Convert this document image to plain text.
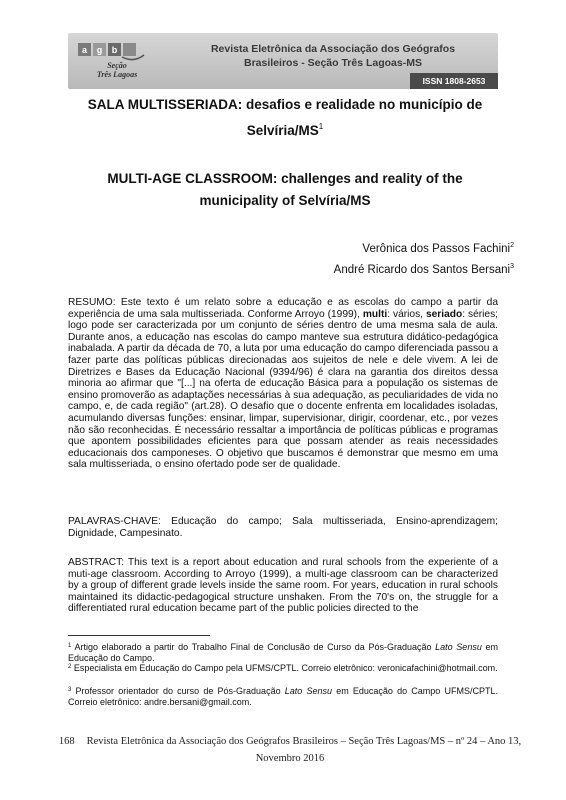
a g b
Seção
Três Lagoas
Revista Eletrônica da Associação dos Geógrafos
Brasileiros - Seção Três Lagoas-MS
ISSN 1808-2653
SALA MULTISSERIADA: desafios e realidade no município de
Selvíria/$MS^1$
MULTI-AGE CLASSROOM: challenges and reality of the
municipality of Selvíria/MS
Verônica dos Passos Fachini$^2$
André Ricardo dos Santos Bersani$^3$
RESUMO: Este texto é um relato sobre a educação e as escolas do campo a partir da experiência de uma sala multisseriada. Conforme Arroyo (1999), multi: vários, seriado: séries; logo pode ser caracterizada por um conjunto de séries dentro de uma mesma sala de aula. Durante anos, a educação nas escolas do campo manteve sua estrutura didático-pedagógica inabalada. A partir da década de 70, a luta por uma educação do campo diferenciada passou a fazer parte das políticas públicas direcionadas aos sujeitos de nele e dele vivem. A lei de Diretrizes e Bases da Educação Nacional (9394/96) é clara na garantia dos direitos dessa minoria ao afirmar que "[...] na oferta de educação Básica para a população os sistemas de ensino promoverão as adaptações necessárias à sua adequação, as peculiaridades de vida no campo, e, de cada região" (art.28). O desafio que o docente enfrenta em localidades isoladas, acumulando diversas funções: ensinar, limpar, supervisionar, dirigir, coordenar, etc., por vezes não são reconhecidas. É necessário ressaltar a importância de políticas públicas e programas que apontem possibilidades eficientes para que possam atender as reais necessidades educacionais dos camponeses. O objetivo que buscamos é demonstrar que mesmo em uma sala multisseriada, o ensino ofertado pode ser de qualidade.
PALAVRAS-CHAVE: Educação do campo; Sala multisseriada, Ensino-aprendizagem; Dignidade, Campesinato.
ABSTRACT: This text is a report about education and rural schools from the experiente of a muti-age classroom. According to Arroyo (1999), a multi-age classroom can be characterized by a group of different grade levels inside the same room. For years, education in rural schools maintained its didactic-pedagogical structure unshaken. From the 70's on, the struggle for a differentiated rural education became part of the public policies directed to the
$^1$ Artigo elaborado a partir do Trabalho Final de Conclusão de Curso da Pós-Graduação Lato Sensu em Educação do Campo.
$^2$ Especialista em Educação do Campo pela UFMS/CPTL. Correio eletrônico: veronicafachini@hotmail.com.
$^3$ Professor orientador do curso de Pós-Graduação Lato Sensu em Educação do Campo UFMS/CPTL. Correio eletrônico: andre.bersani@gmail.com.
168 Revista Eletrônica da Associação dos Geógrafos Brasileiros – Seção Três Lagoas/MS – nº 24 – Ano 13,
Novembro 2016
